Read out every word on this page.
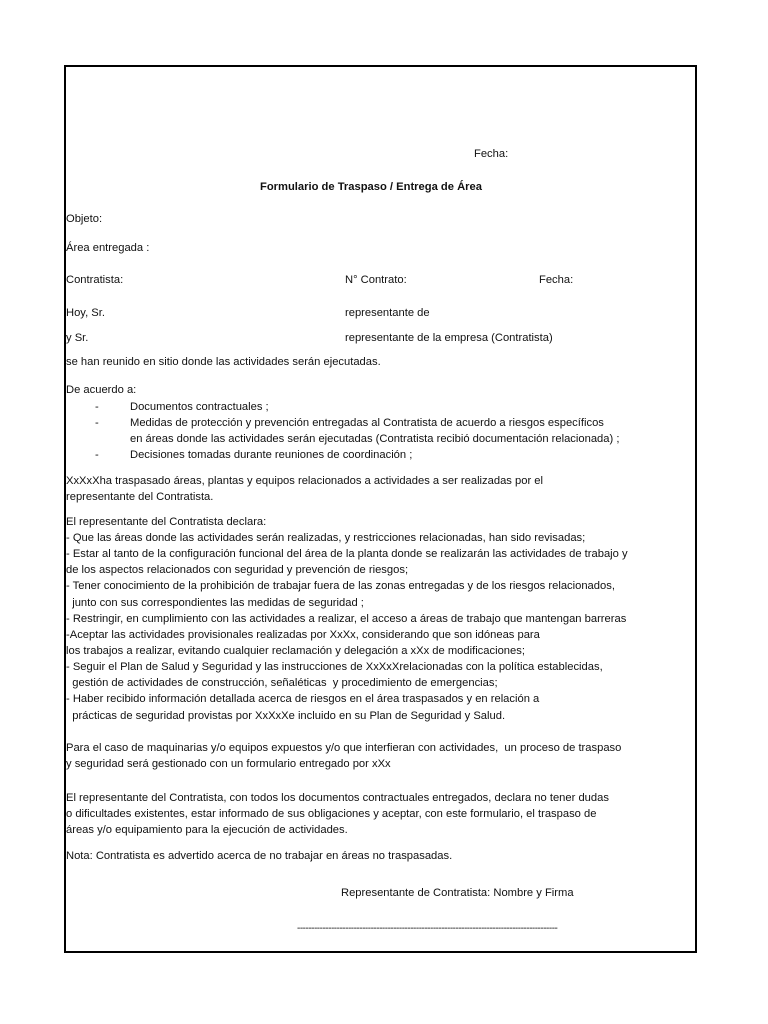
Fecha:
Formulario de Traspaso / Entrega de Área
Objeto:
Área entregada :
Contratista:	N° Contrato:	Fecha:
Hoy, Sr.	representante de
y Sr.	representante de la empresa (Contratista)
se han reunido en sitio donde las actividades serán ejecutadas.
De acuerdo a:
-	Documentos contractuales ;
-	Medidas de protección y prevención entregadas al Contratista de acuerdo a riesgos específicos
en áreas donde las actividades serán ejecutadas (Contratista recibió documentación relacionada) ;
-	Decisiones tomadas durante reuniones de coordinación ;
XxXxXha traspasado áreas, plantas y equipos relacionados a actividades a ser realizadas por el
representante del Contratista.
El representante del Contratista declara:
- Que las áreas donde las actividades serán realizadas, y restricciones relacionadas, han sido revisadas;
- Estar al tanto de la configuración funcional del área de la planta donde se realizarán las actividades de trabajo y
de los aspectos relacionados con seguridad y prevención de riesgos;
- Tener conocimiento de la prohibición de trabajar fuera de las zonas entregadas y de los riesgos relacionados,
junto con sus correspondientes las medidas de seguridad ;
- Restringir, en cumplimiento con las actividades a realizar, el acceso a áreas de trabajo que mantengan barreras
-Aceptar las actividades provisionales realizadas por XxXx, considerando que son idóneas para
los trabajos a realizar, evitando cualquier reclamación y delegación a xXx de modificaciones;
- Seguir el Plan de Salud y Seguridad y las instrucciones de XxXxXrelacionadas con la política establecidas,
gestión de actividades de construcción, señaléticas  y procedimiento de emergencias;
- Haber recibido información detallada acerca de riesgos en el área traspasados y en relación a
prácticas de seguridad provistas por XxXxXe incluido en su Plan de Seguridad y Salud.
Para el caso de maquinarias y/o equipos expuestos y/o que interfieran con actividades,  un proceso de traspaso
y seguridad será gestionado con un formulario entregado por xXx
El representante del Contratista, con todos los documentos contractuales entregados, declara no tener dudas
o dificultades existentes, estar informado de sus obligaciones y aceptar, con este formulario, el traspaso de
áreas y/o equipamiento para la ejecución de actividades.
Nota: Contratista es advertido acerca de no trabajar en áreas no traspasadas.
Representante de Contratista: Nombre y Firma
--------------------------------------------------------------------------------------------
